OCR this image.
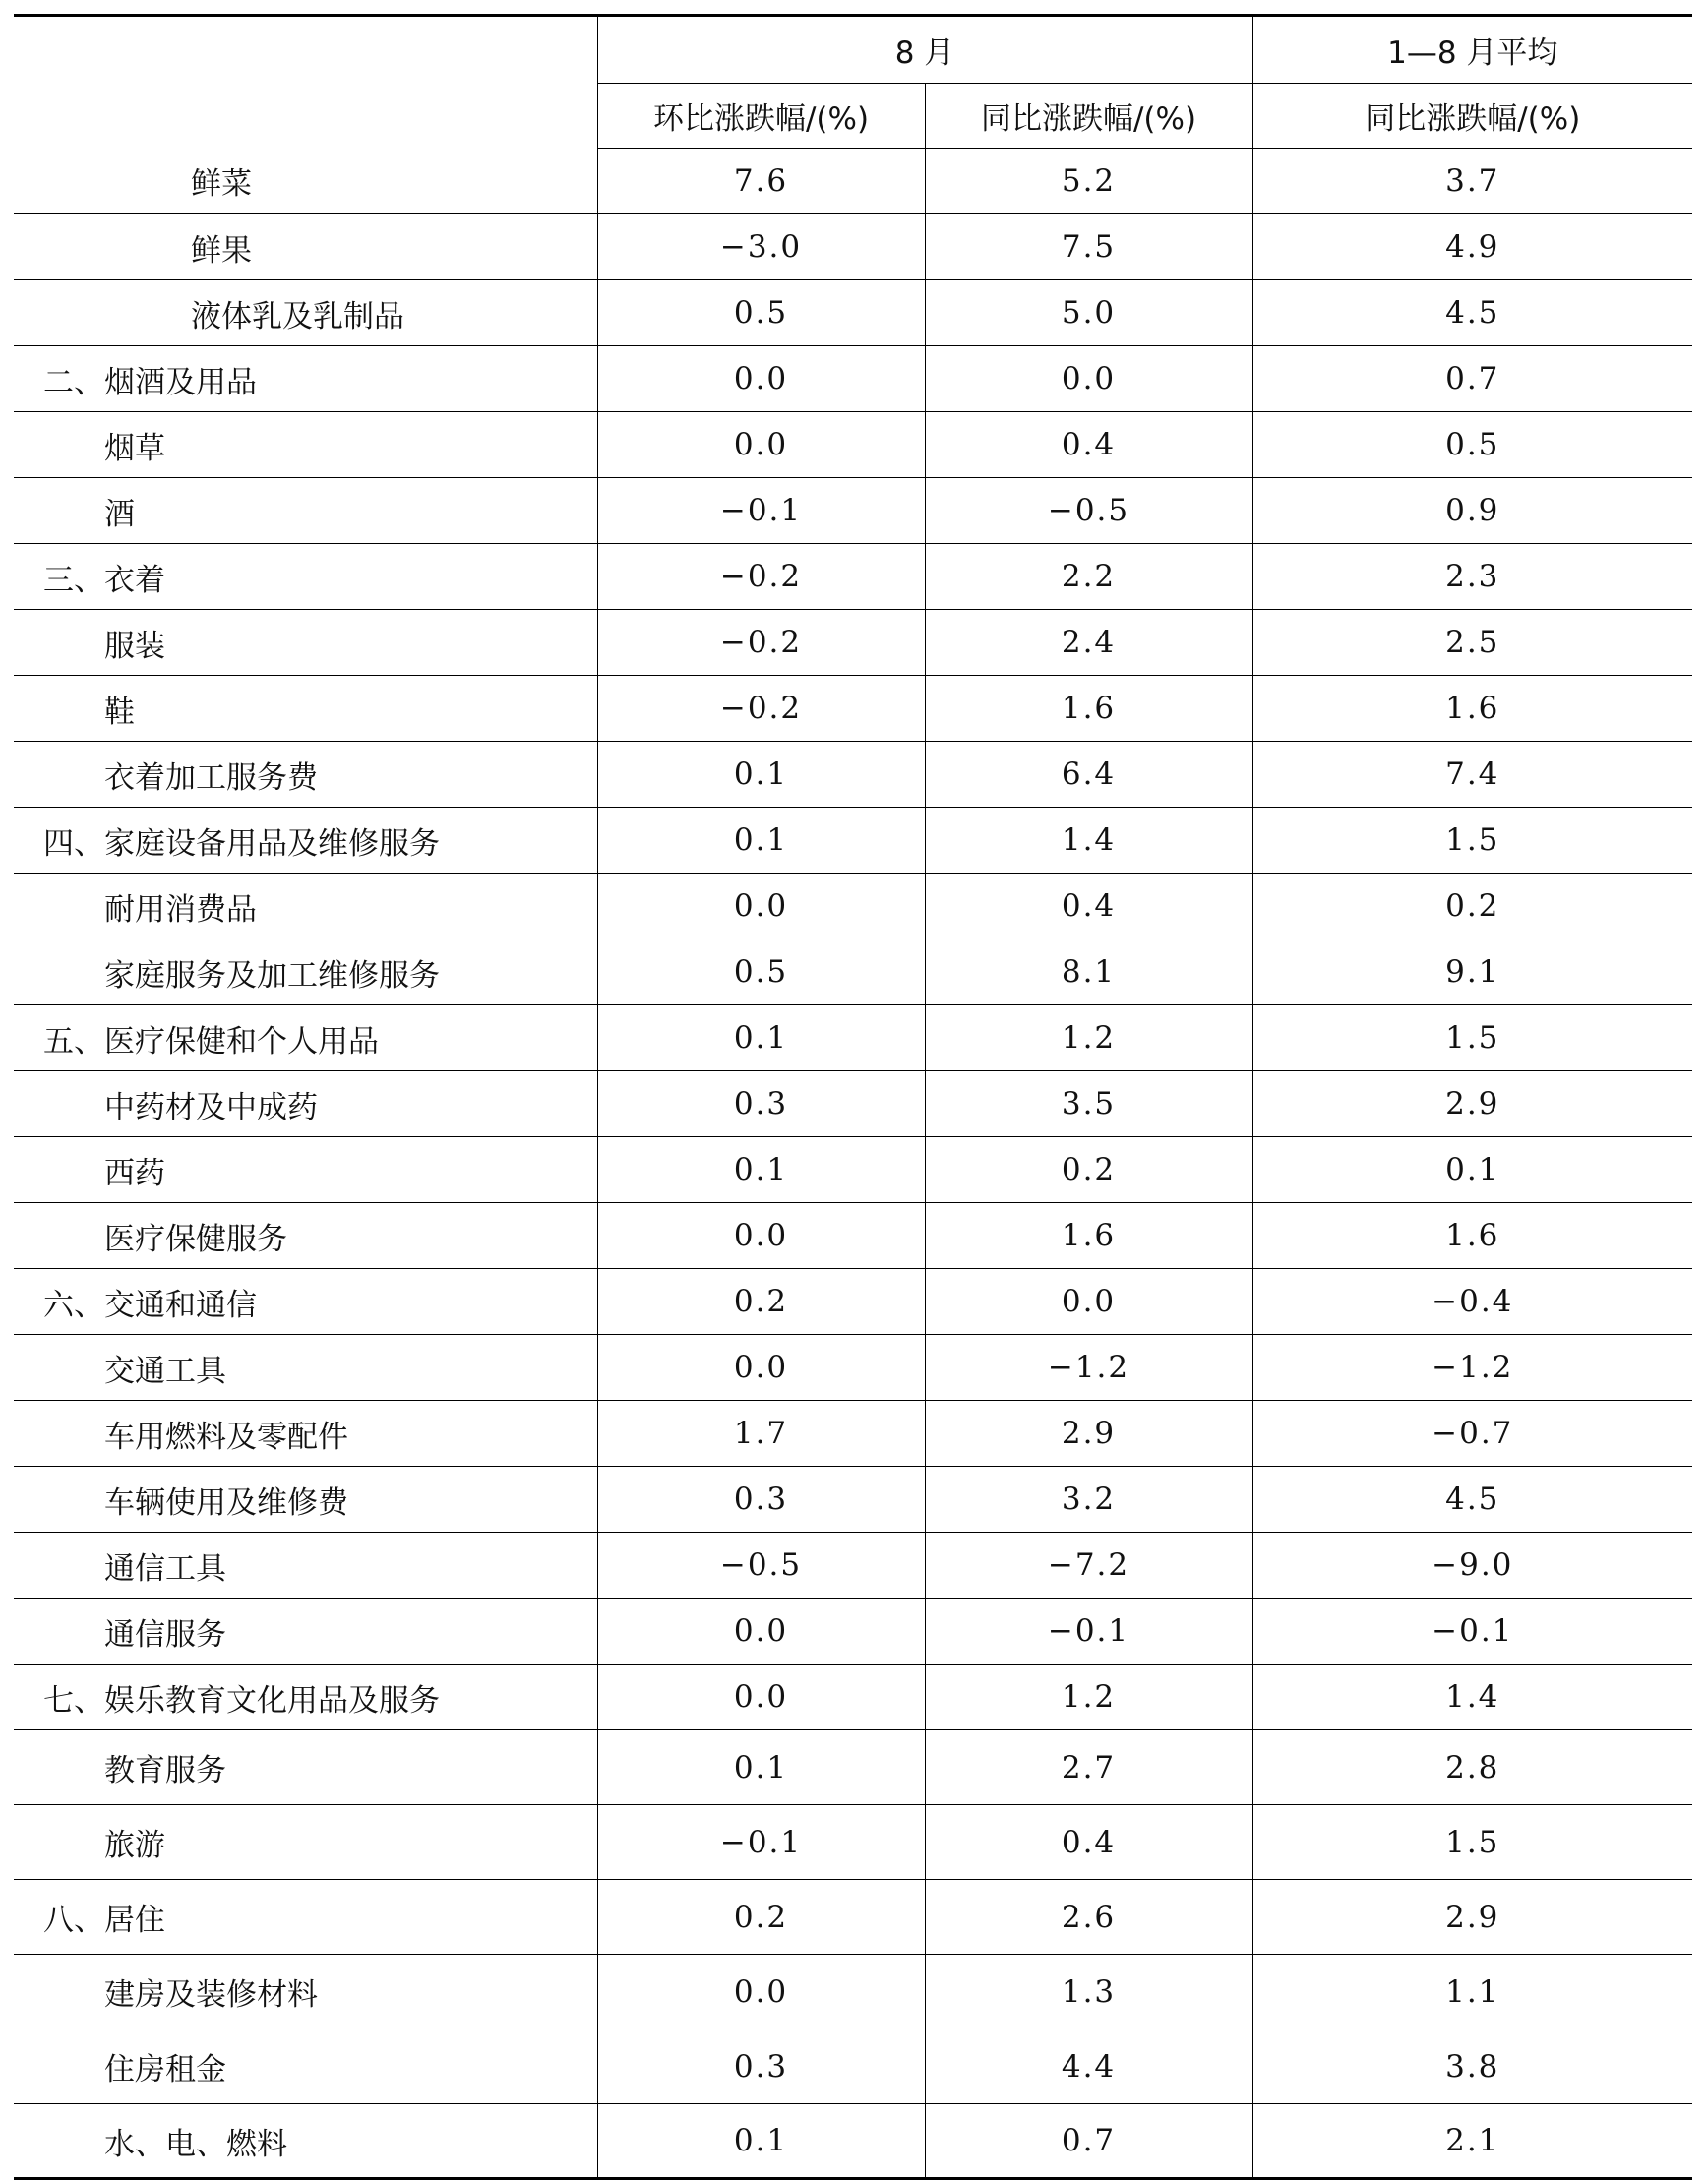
	8 月		1—8 月平均
	环比涨跌幅/(%)	同比涨跌幅/(%)	同比涨跌幅/(%)
鲜菜	7.6	5.2	3.7
鲜果	−3.0	7.5	4.9
液体乳及乳制品	0.5	5.0	4.5
二、烟酒及用品	0.0	0.0	0.7
烟草	0.0	0.4	0.5
酒	−0.1	−0.5	0.9
三、衣着	−0.2	2.2	2.3
服装	−0.2	2.4	2.5
鞋	−0.2	1.6	1.6
衣着加工服务费	0.1	6.4	7.4
四、家庭设备用品及维修服务	0.1	1.4	1.5
耐用消费品	0.0	0.4	0.2
家庭服务及加工维修服务	0.5	8.1	9.1
五、医疗保健和个人用品	0.1	1.2	1.5
中药材及中成药	0.3	3.5	2.9
西药	0.1	0.2	0.1
医疗保健服务	0.0	1.6	1.6
六、交通和通信	0.2	0.0	−0.4
交通工具	0.0	−1.2	−1.2
车用燃料及零配件	1.7	2.9	−0.7
车辆使用及维修费	0.3	3.2	4.5
通信工具	−0.5	−7.2	−9.0
通信服务	0.0	−0.1	−0.1
七、娱乐教育文化用品及服务	0.0	1.2	1.4
教育服务	0.1	2.7	2.8
旅游	−0.1	0.4	1.5
八、居住	0.2	2.6	2.9
建房及装修材料	0.0	1.3	1.1
住房租金	0.3	4.4	3.8
水、电、燃料	0.1	0.7	2.1
